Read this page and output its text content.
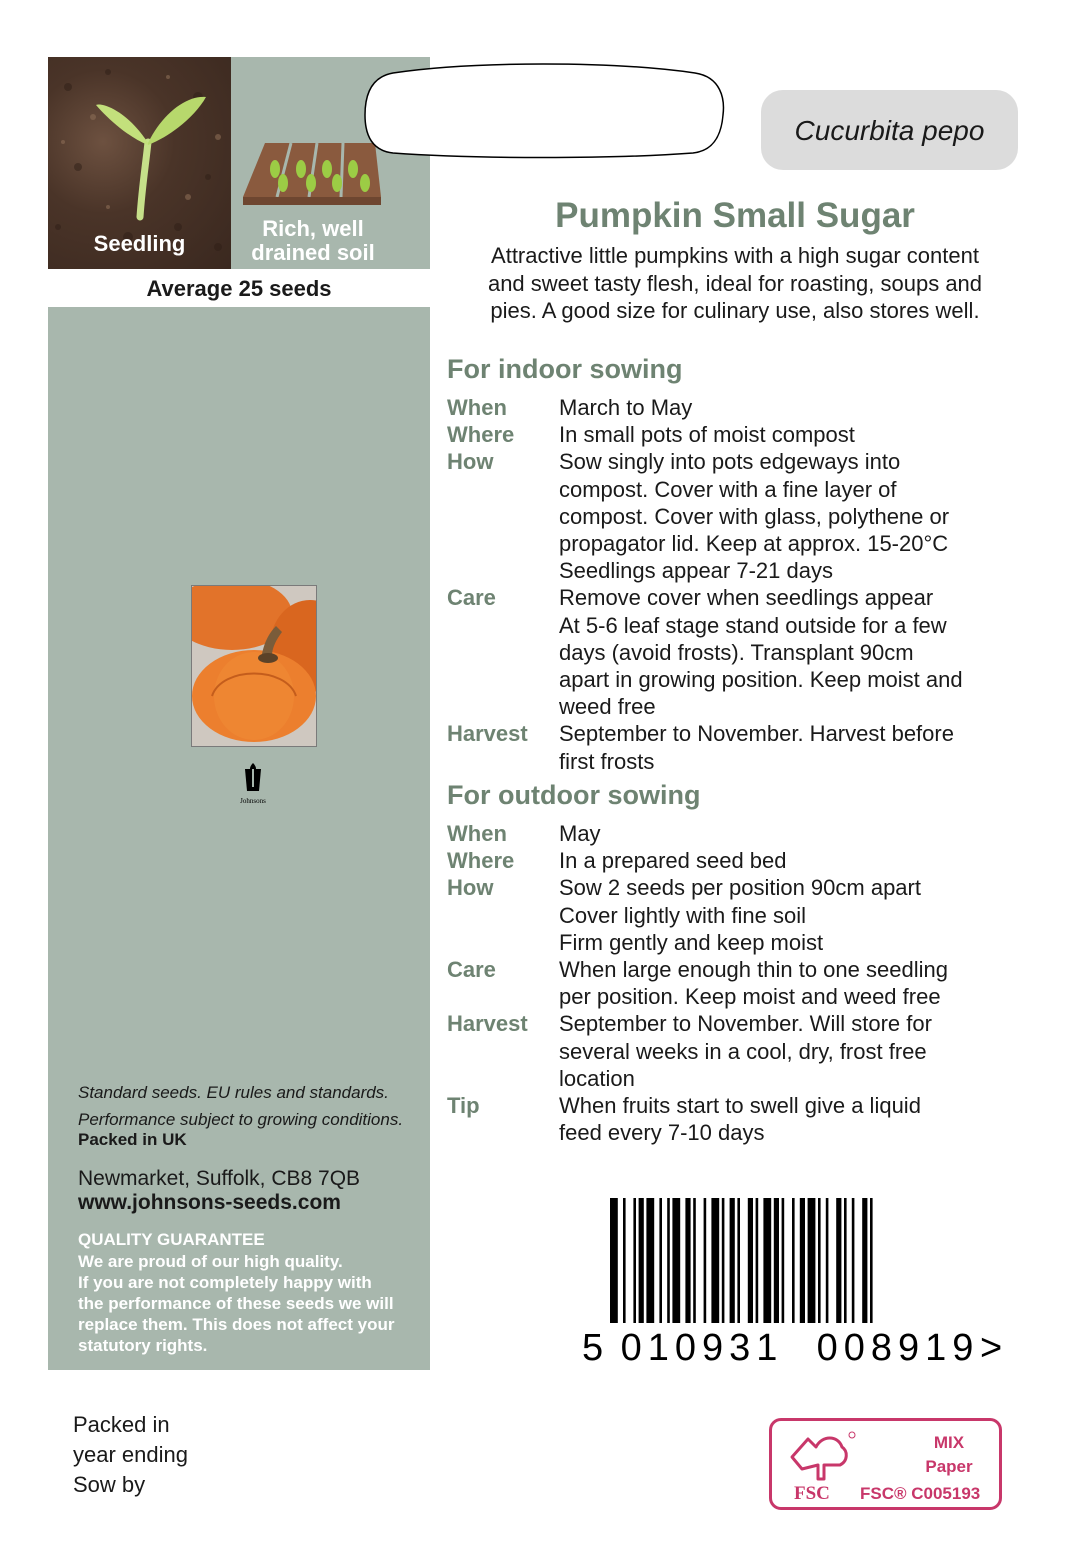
Seedling
Rich, well
drained soil
Average 25 seeds
Johnsons
Standard seeds. EU rules and standards.
Performance subject to growing conditions.
Packed in UK
Newmarket, Suffolk, CB8 7QB
www.johnsons-seeds.com
QUALITY GUARANTEE
We are proud of our high quality.
If you are not completely happy with
the performance of these seeds we will
replace them. This does not affect your
statutory rights.
Cucurbita pepo
Pumpkin Small Sugar
Attractive little pumpkins with a high sugar content
and sweet tasty flesh, ideal for roasting, soups and
pies. A good size for culinary use, also stores well.
For indoor sowing
When	March to May
Where	In small pots of moist compost
How	Sow singly into pots edgeways into
compost. Cover with a fine layer of
compost. Cover with glass, polythene or
propagator lid. Keep at approx. 15-20°C
Seedlings appear 7-21 days
Care	Remove cover when seedlings appear
At 5-6 leaf stage stand outside for a few
days (avoid frosts). Transplant 90cm
apart in growing position. Keep moist and
weed free
Harvest	September to November. Harvest before
first frosts
For outdoor sowing
When	May
Where	In a prepared seed bed
How	Sow 2 seeds per position 90cm apart
Cover lightly with fine soil
Firm gently and keep moist
Care	When large enough thin to one seedling
per position. Keep moist and weed free
Harvest	September to November. Will store for
several weeks in a cool, dry, frost free
location
Tip	When fruits start to swell give a liquid
feed every 7-10 days
5 010931 008919 >
Packed in
year ending
Sow by	FSC
MIX
Paper
FSC® C005193
